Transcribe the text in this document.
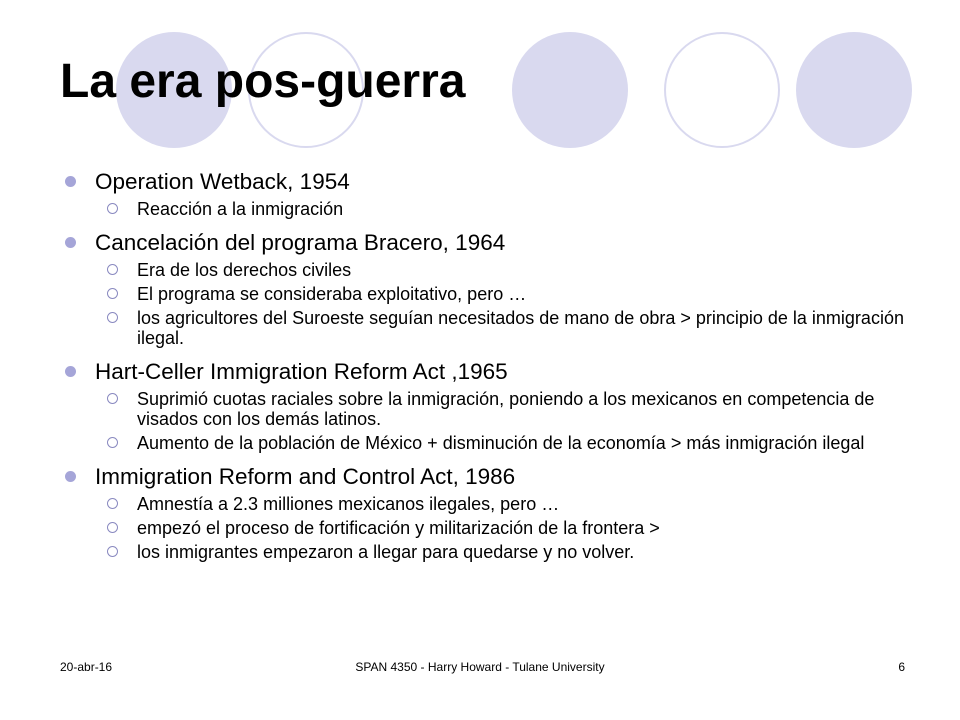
La era pos-guerra
Operation Wetback, 1954
Reacción a la inmigración
Cancelación del programa Bracero, 1964
Era de los derechos civiles
El programa se consideraba exploitativo, pero …
los agricultores del Suroeste seguían necesitados de mano de obra > principio de la inmigración ilegal.
Hart-Celler Immigration Reform Act ,1965
Suprimió cuotas raciales sobre la inmigración, poniendo a los mexicanos en competencia de visados con los demás latinos.
Aumento de la población de México + disminución de la economía > más inmigración ilegal
Immigration Reform and Control Act, 1986
Amnestía a 2.3 milliones mexicanos ilegales, pero …
empezó el proceso de fortificación y militarización de la frontera >
los inmigrantes empezaron a llegar para quedarse y no volver.
20-abr-16	SPAN 4350 - Harry Howard - Tulane University	6
